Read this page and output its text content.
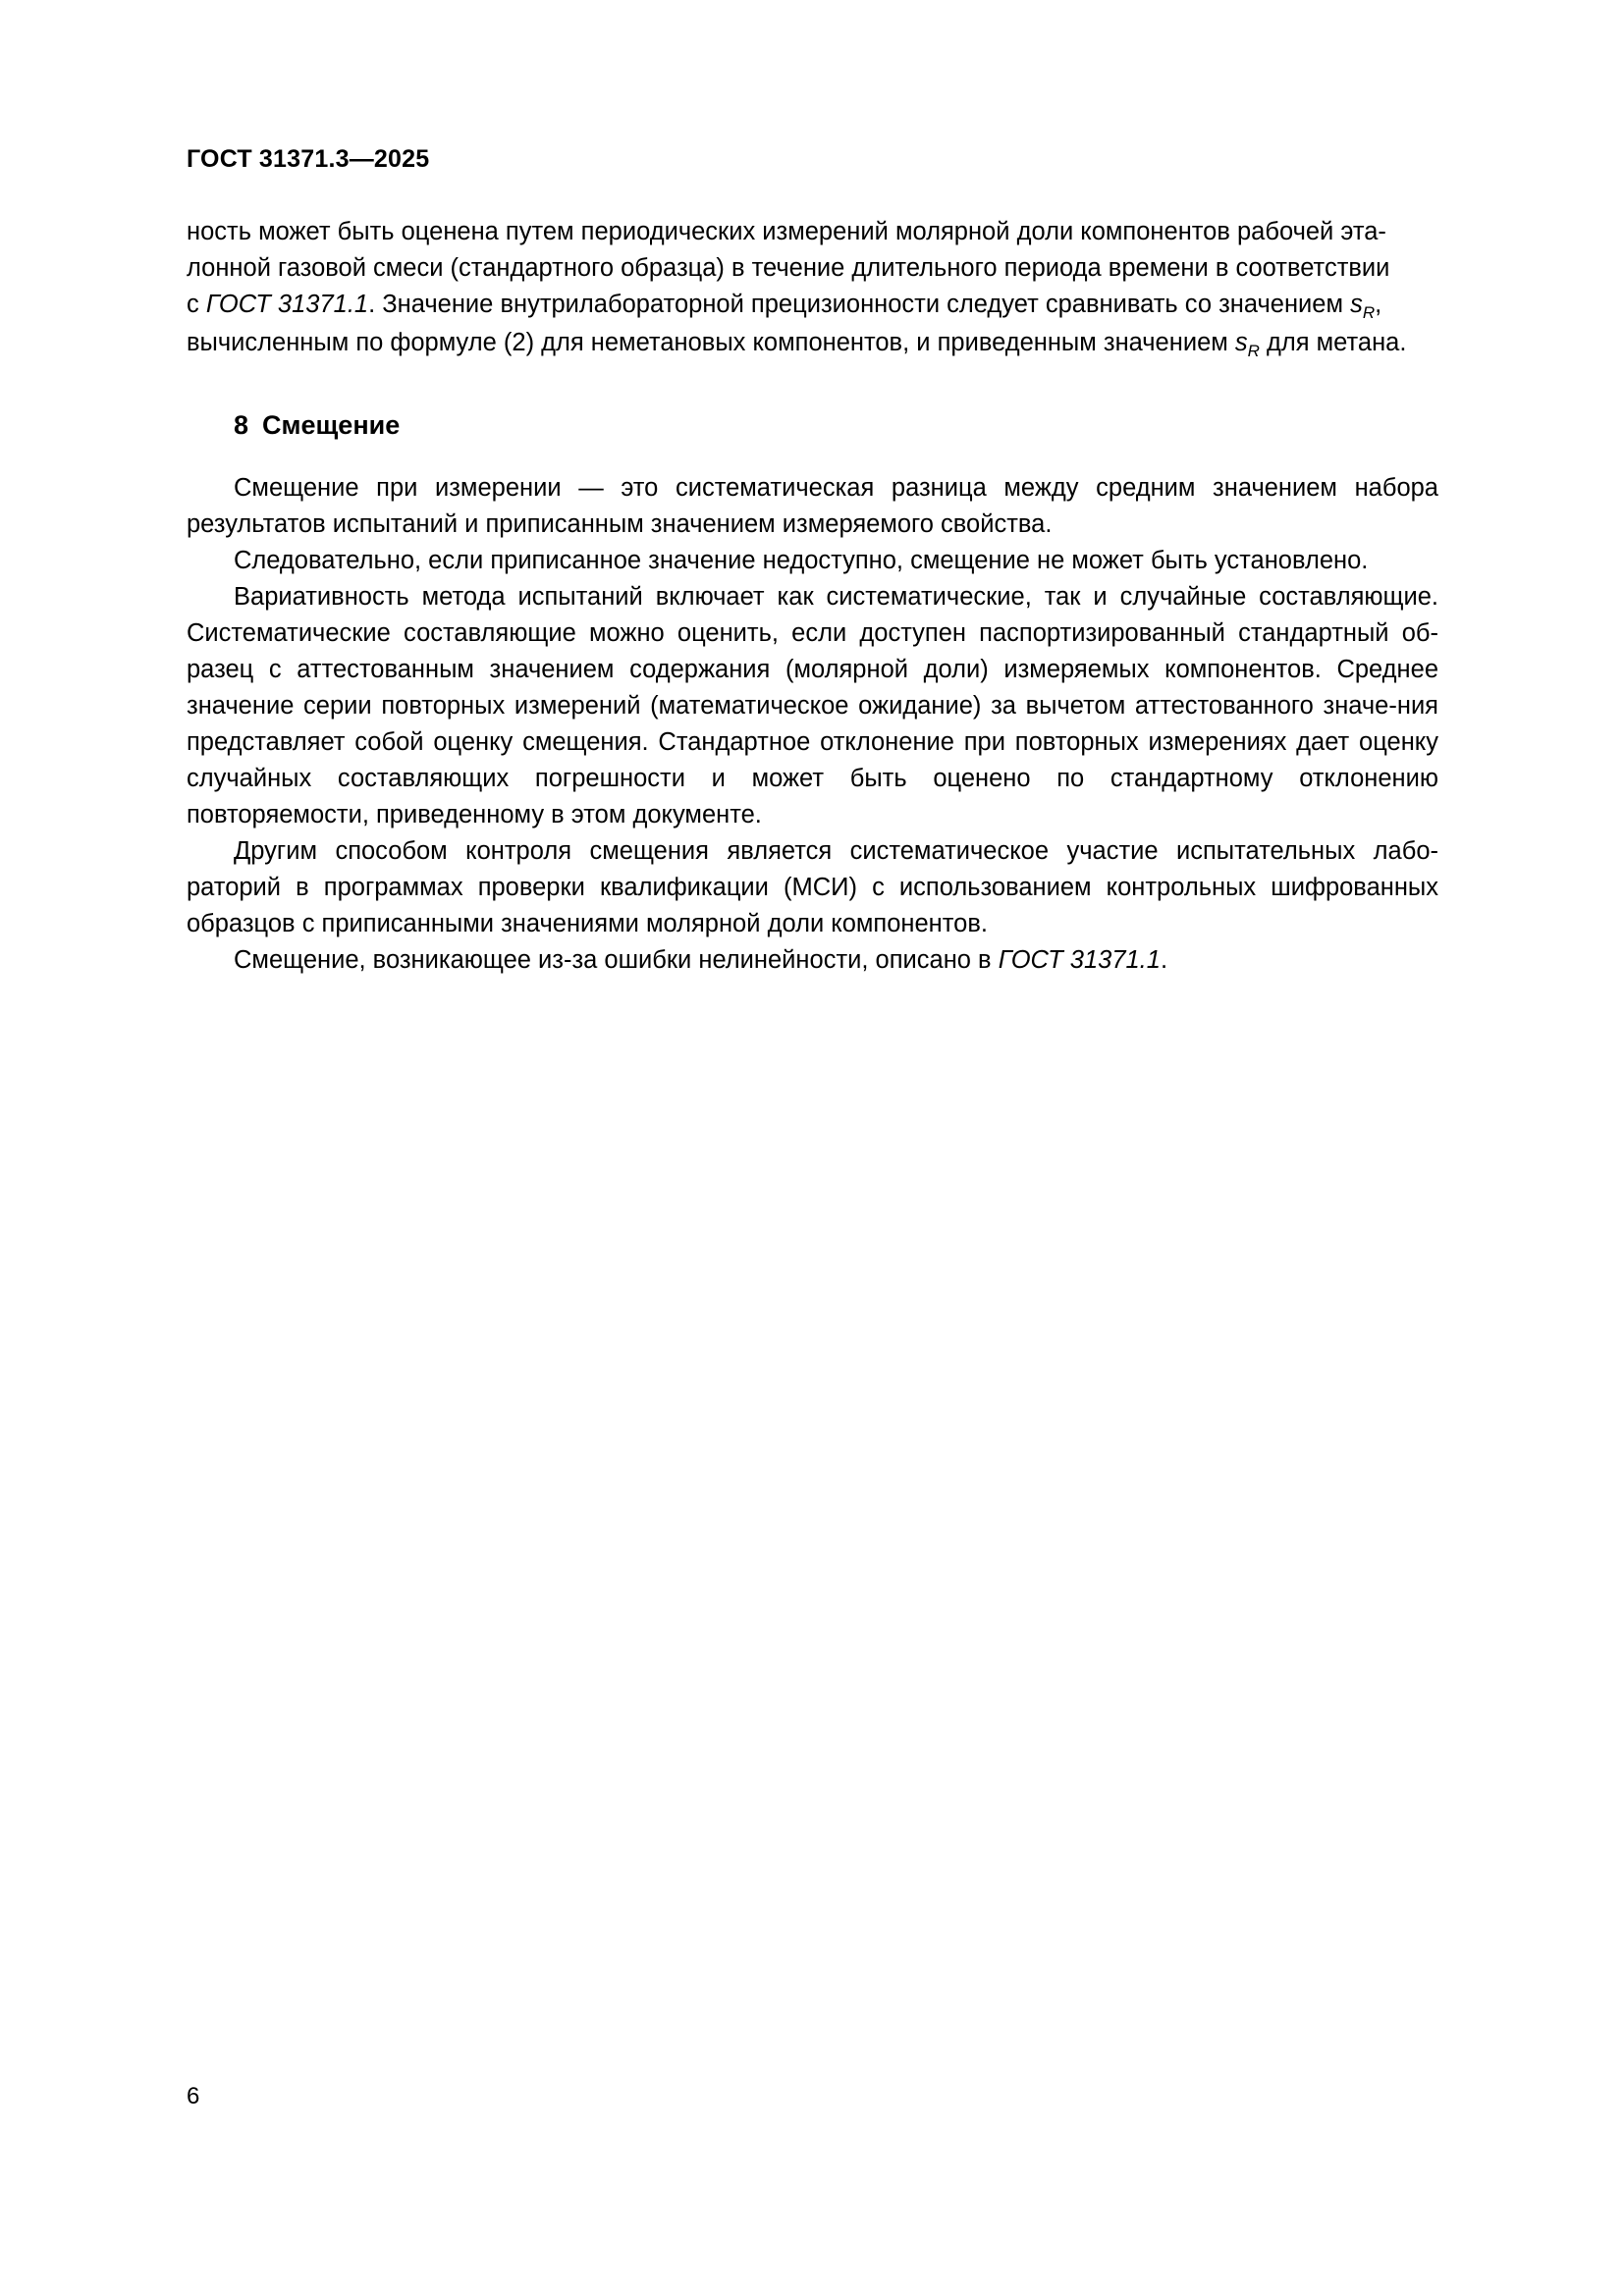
ГОСТ 31371.3—2025

ность может быть оценена путем периодических измерений молярной доли компонентов рабочей эта-

лонной газовой смеси (стандартного образца) в течение длительного периода времени в соответствии

с ГОСТ 31371.1. Значение внутрилабораторной прецизионности следует сравнивать со значением $s_R$,

вычисленным по формуле (2) для неметановых компонентов, и приведенным значением $s_R$ для метана.

8 Смещение

Смещение при измерении — это систематическая разница между средним значением набора результатов испытаний и приписанным значением измеряемого свойства.

Следовательно, если приписанное значение недоступно, смещение не может быть установлено.

Вариативность метода испытаний включает как систематические, так и случайные составляющие. Систематические составляющие можно оценить, если доступен паспортизированный стандартный об-разец с аттестованным значением содержания (молярной доли) измеряемых компонентов. Среднее значение серии повторных измерений (математическое ожидание) за вычетом аттестованного значе-ния представляет собой оценку смещения. Стандартное отклонение при повторных измерениях дает оценку случайных составляющих погрешности и может быть оценено по стандартному отклонению повторяемости, приведенному в этом документе.

Другим способом контроля смещения является систематическое участие испытательных лабо-раторий в программах проверки квалификации (МСИ) с использованием контрольных шифрованных образцов с приписанными значениями молярной доли компонентов.

Смещение, возникающее из-за ошибки нелинейности, описано в ГОСТ 31371.1.

6
